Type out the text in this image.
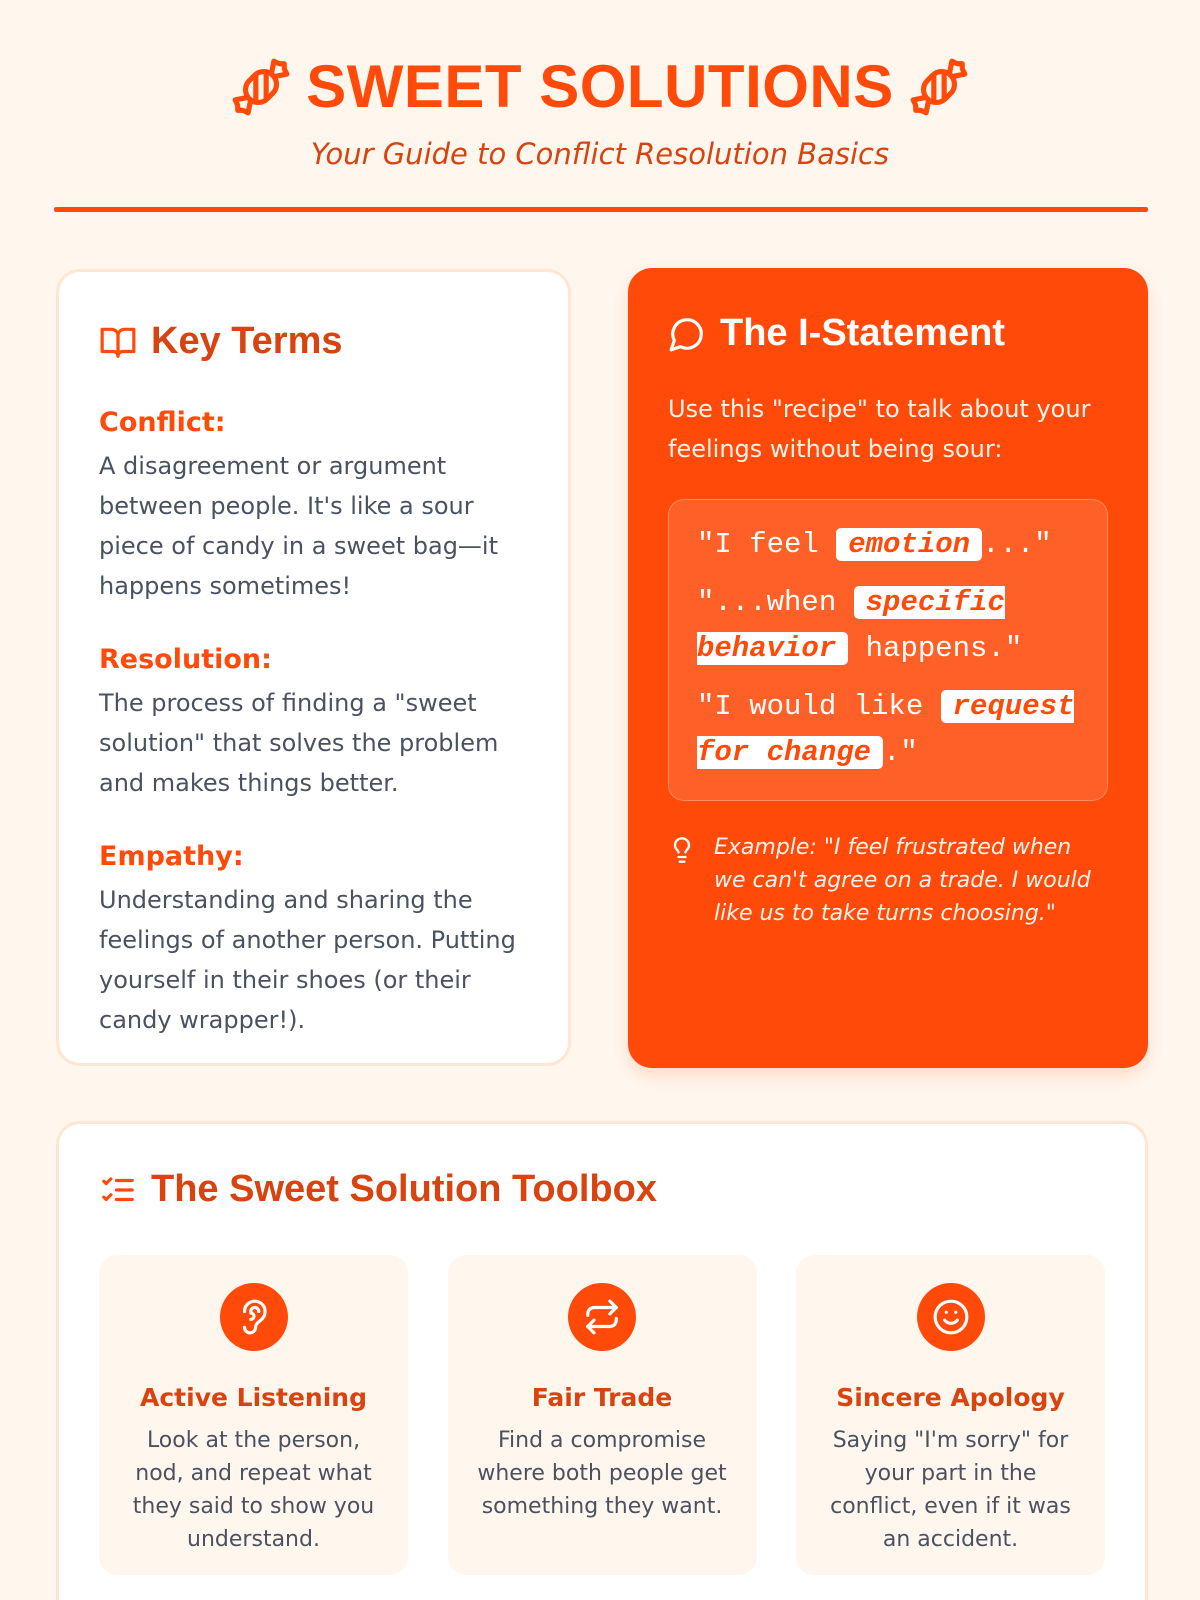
SWEET SOLUTIONS

Your Guide to Conflict Resolution Basics

Key Terms
Conflict:
A disagreement or argument between people. It's like a sour piece of candy in a sweet bag—it happens sometimes!
Resolution:
The process of finding a "sweet solution" that solves the problem and makes things better.
Empathy:
Understanding and sharing the feelings of another person. Putting yourself in their shoes (or their candy wrapper!).
The I-Statement

Use this "recipe" to talk about your feelings without being sour:

"I feel emotion ..."

"...when specific behavior happens."

"I would like request for change ."

Example: "I feel frustrated when we can't agree on a trade. I would like us to take turns choosing."

The Sweet Solution Toolbox
Active Listening
Look at the person, nod, and repeat what they said to show you understand.
Fair Trade
Find a compromise where both people get something they want.
Sincere Apology
Saying "I'm sorry" for your part in the conflict, even if it was an accident.
